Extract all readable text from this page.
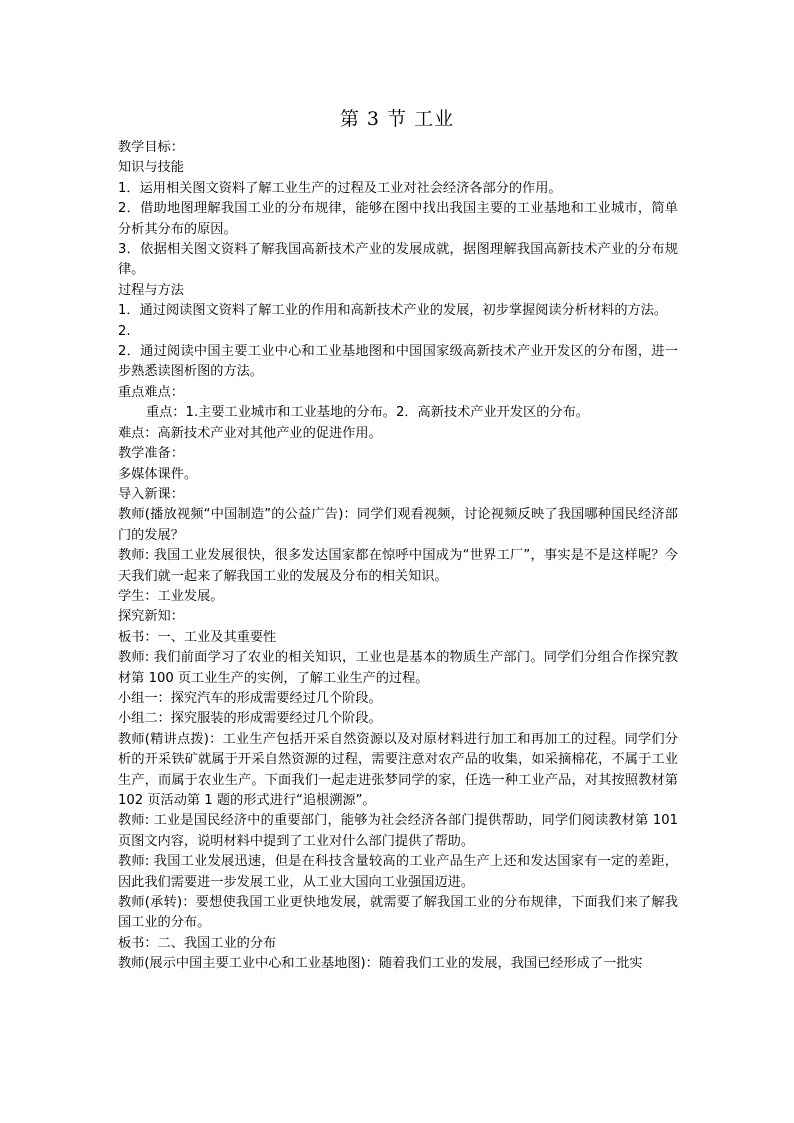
第 3 节 工业

教学目标：

知识与技能

1．运用相关图文资料了解工业生产的过程及工业对社会经济各部分的作用。

2．借助地图理解我国工业的分布规律，能够在图中找出我国主要的工业基地和工业城市，简单分析其分布的原因。

3．依据相关图文资料了解我国高新技术产业的发展成就，据图理解我国高新技术产业的分布规律。

过程与方法

1．通过阅读图文资料了解工业的作用和高新技术产业的发展，初步掌握阅读分析材料的方法。

2.

2．通过阅读中国主要工业中心和工业基地图和中国国家级高新技术产业开发区的分布图，进一步熟悉读图析图的方法。

重点难点：

重点：1.主要工业城市和工业基地的分布。2．高新技术产业开发区的分布。

难点：高新技术产业对其他产业的促进作用。

教学准备：

多媒体课件。

导入新课：

教师(播放视频“中国制造”的公益广告)：同学们观看视频，讨论视频反映了我国哪种国民经济部门的发展？

教师: 我国工业发展很快，很多发达国家都在惊呼中国成为“世界工厂”，事实是不是这样呢？今天我们就一起来了解我国工业的发展及分布的相关知识。

学生：工业发展。

探究新知：

板书：一、工业及其重要性

教师: 我们前面学习了农业的相关知识，工业也是基本的物质生产部门。同学们分组合作探究教材第 100 页工业生产的实例，了解工业生产的过程。

小组一：探究汽车的形成需要经过几个阶段。

小组二：探究服装的形成需要经过几个阶段。

教师(精讲点拨)：工业生产包括开采自然资源以及对原材料进行加工和再加工的过程。同学们分析的开采铁矿就属于开采自然资源的过程，需要注意对农产品的收集，如采摘棉花，不属于工业生产，而属于农业生产。下面我们一起走进张梦同学的家，任选一种工业产品，对其按照教材第 102 页活动第 1 题的形式进行“追根溯源”。

教师: 工业是国民经济中的重要部门，能够为社会经济各部门提供帮助，同学们阅读教材第 101 页图文内容，说明材料中提到了工业对什么部门提供了帮助。

教师: 我国工业发展迅速，但是在科技含量较高的工业产品生产上还和发达国家有一定的差距，因此我们需要进一步发展工业，从工业大国向工业强国迈进。

教师(承转)：要想使我国工业更快地发展，就需要了解我国工业的分布规律，下面我们来了解我国工业的分布。

板书：二、我国工业的分布

教师(展示中国主要工业中心和工业基地图)：随着我们工业的发展，我国已经形成了一批实
